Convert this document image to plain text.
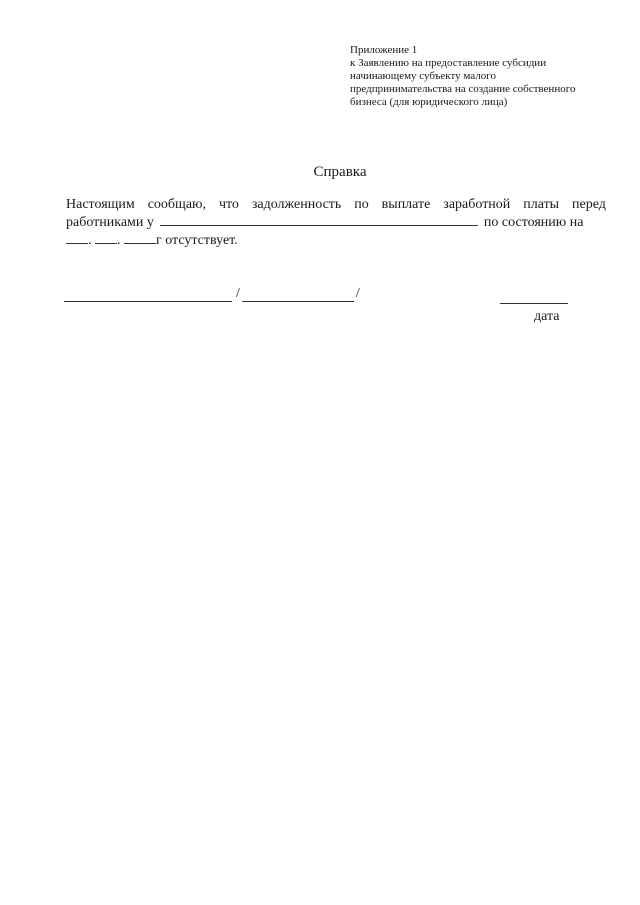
Приложение 1
к Заявлению на предоставление субсидии
начинающему субъекту малого
предпринимательства на создание собственного
бизнеса (для юридического лица)
Справка
Настоящим сообщаю, что задолженность по выплате заработной платы перед
работниками у	по состоянию на
. .	г отсутствует.
/	/
дата
